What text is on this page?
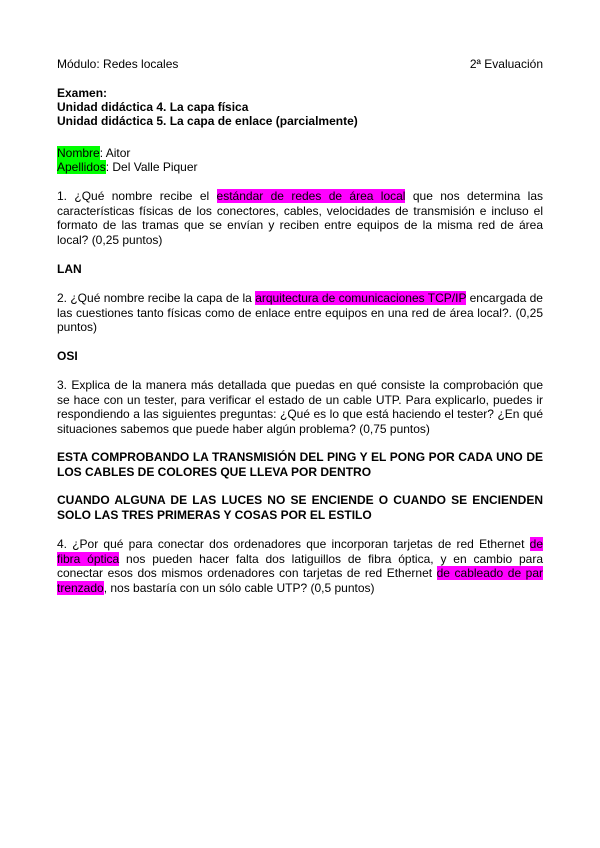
Módulo: Redes locales	2ª Evaluación
Examen:
Unidad didáctica 4. La capa física
Unidad didáctica 5. La capa de enlace (parcialmente)
Nombre: Aitor
Apellidos: Del Valle Piquer
1. ¿Qué nombre recibe el estándar de redes de área local que nos determina las características físicas de los conectores, cables, velocidades de transmisión e incluso el formato de las tramas que se envían y reciben entre equipos de la misma red de área local? (0,25 puntos)
LAN
2. ¿Qué nombre recibe la capa de la arquitectura de comunicaciones TCP/IP encargada de las cuestiones tanto físicas como de enlace entre equipos en una red de área local?. (0,25 puntos)
OSI
3. Explica de la manera más detallada que puedas en qué consiste la comprobación que se hace con un tester, para verificar el estado de un cable UTP. Para explicarlo, puedes ir respondiendo a las siguientes preguntas: ¿Qué es lo que está haciendo el tester? ¿En qué situaciones sabemos que puede haber algún problema? (0,75 puntos)
ESTA COMPROBANDO LA TRANSMISIÓN DEL PING Y EL PONG POR CADA UNO DE LOS CABLES DE COLORES QUE LLEVA POR DENTRO
CUANDO ALGUNA DE LAS LUCES NO SE ENCIENDE O CUANDO SE ENCIENDEN SOLO LAS TRES PRIMERAS Y COSAS POR EL ESTILO
4. ¿Por qué para conectar dos ordenadores que incorporan tarjetas de red Ethernet de fibra óptica nos pueden hacer falta dos latiguillos de fibra óptica, y en cambio para conectar esos dos mismos ordenadores con tarjetas de red Ethernet de cableado de par trenzado, nos bastaría con un sólo cable UTP? (0,5 puntos)
